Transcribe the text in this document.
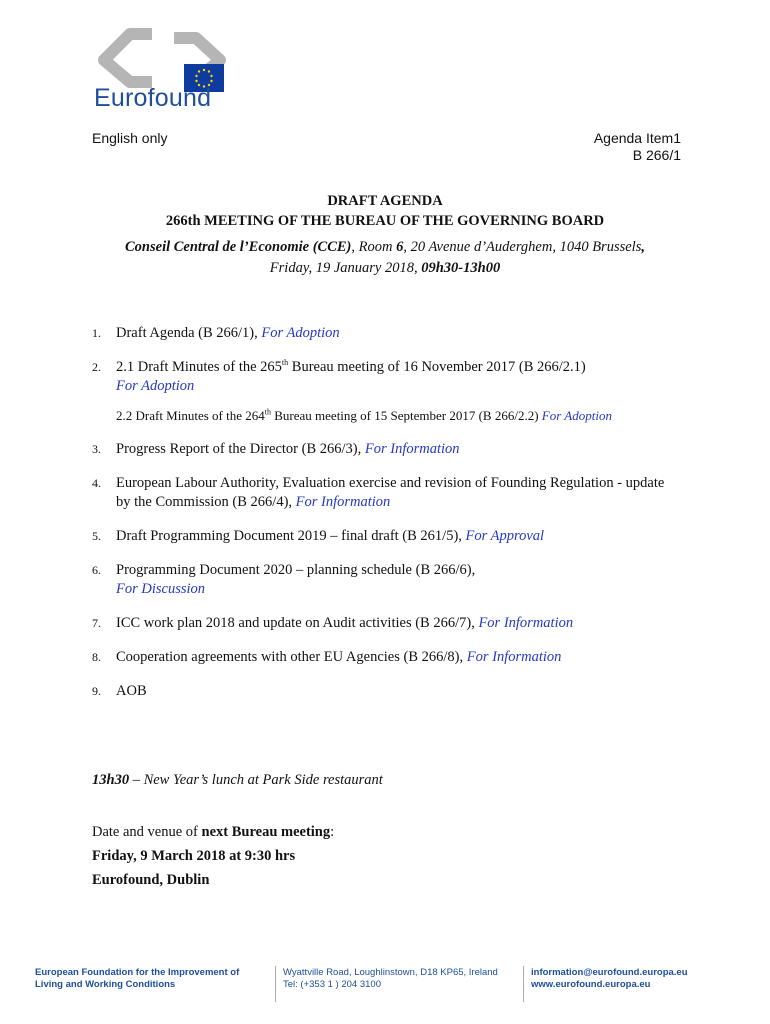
Eurofound
English only	Agenda Item1
B 266/1
DRAFT AGENDA
266th MEETING OF THE BUREAU OF THE GOVERNING BOARD
Conseil Central de l’Economie (CCE), Room 6, 20 Avenue d’Auderghem, 1040 Brussels,
Friday, 19 January 2018, 09h30-13h00
1. Draft Agenda (B 266/1), For Adoption
2. 2.1 Draft Minutes of the 265th Bureau meeting of 16 November 2017 (B 266/2.1)
For Adoption
2.2 Draft Minutes of the 264th Bureau meeting of 15 September 2017 (B 266/2.2) For Adoption
3. Progress Report of the Director (B 266/3), For Information
4. European Labour Authority, Evaluation exercise and revision of Founding Regulation - update by the Commission (B 266/4), For Information
5. Draft Programming Document 2019 – final draft (B 261/5), For Approval
6. Programming Document 2020 – planning schedule (B 266/6),
For Discussion
7. ICC work plan 2018 and update on Audit activities (B 266/7), For Information
8. Cooperation agreements with other EU Agencies (B 266/8), For Information
9. AOB
13h30 – New Year’s lunch at Park Side restaurant
Date and venue of next Bureau meeting:
Friday, 9 March 2018 at 9:30 hrs
Eurofound, Dublin
European Foundation for the Improvement of
Living and Working Conditions
Wyattville Road, Loughlinstown, D18 KP65, Ireland
Tel: (+353 1 ) 204 3100
information@eurofound.europa.eu
www.eurofound.europa.eu
